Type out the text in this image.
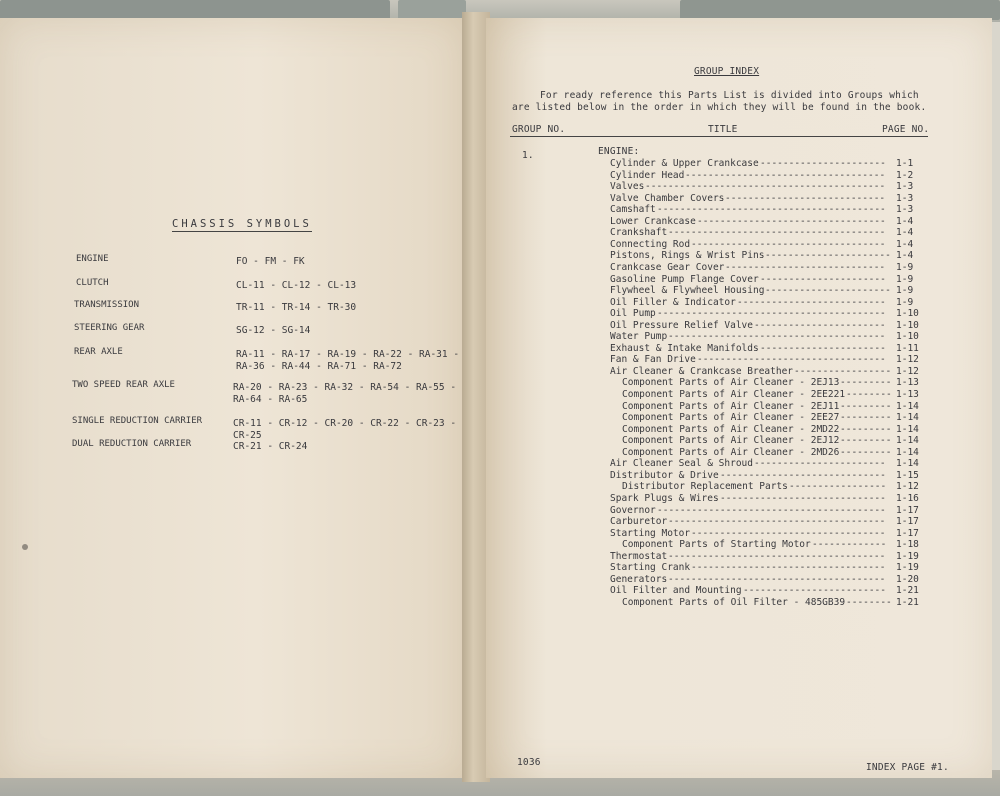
CHASSIS SYMBOLS
ENGINE	FO - FM - FK
CLUTCH	CL-11 - CL-12 - CL-13
TRANSMISSION	TR-11 - TR-14 - TR-30
STEERING GEAR	SG-12 - SG-14
REAR AXLE	RA-11 - RA-17 - RA-19 - RA-22 - RA-31 -
RA-36 - RA-44 - RA-71 - RA-72
TWO SPEED REAR AXLE	RA-20 - RA-23 - RA-32 - RA-54 - RA-55 -
RA-64 - RA-65
SINGLE REDUCTION CARRIER	CR-11 - CR-12 - CR-20 - CR-22 - CR-23 -
CR-25
DUAL REDUCTION CARRIER	CR-21 - CR-24
GROUP INDEX
For ready reference this Parts List is divided into Groups which
are listed below in the order in which they will be found in the book.
GROUP NO.	TITLE	PAGE NO.
1.	ENGINE:
Cylinder & Upper Crankcase ---------------------- 1-1
Cylinder Head ----------------------------------- 1-2
Valves ------------------------------------------ 1-3
Valve Chamber Covers ---------------------------- 1-3
Camshaft ---------------------------------------- 1-3
Lower Crankcase --------------------------------- 1-4
Crankshaft -------------------------------------- 1-4
Connecting Rod ---------------------------------- 1-4
Pistons, Rings & Wrist Pins ---------------------- 1-4
Crankcase Gear Cover ---------------------------- 1-9
Gasoline Pump Flange Cover ---------------------- 1-9
Flywheel & Flywheel Housing ---------------------- 1-9
Oil Filler & Indicator -------------------------- 1-9
Oil Pump ---------------------------------------- 1-10
Oil Pressure Relief Valve ----------------------- 1-10
Water Pump -------------------------------------- 1-10
Exhaust & Intake Manifolds ---------------------- 1-11
Fan & Fan Drive --------------------------------- 1-12
Air Cleaner & Crankcase Breather ----------------- 1-12
Component Parts of Air Cleaner - 2EJ13 --------- 1-13
Component Parts of Air Cleaner - 2EE221 -------- 1-13
Component Parts of Air Cleaner - 2EJ11 --------- 1-14
Component Parts of Air Cleaner - 2EE27 --------- 1-14
Component Parts of Air Cleaner - 2MD22 --------- 1-14
Component Parts of Air Cleaner - 2EJ12 --------- 1-14
Component Parts of Air Cleaner - 2MD26 --------- 1-14
Air Cleaner Seal & Shroud ----------------------- 1-14
Distributor & Drive ----------------------------- 1-15
Distributor Replacement Parts ----------------- 1-12
Spark Plugs & Wires ----------------------------- 1-16
Governor ---------------------------------------- 1-17
Carburetor -------------------------------------- 1-17
Starting Motor ---------------------------------- 1-17
Component Parts of Starting Motor ------------- 1-18
Thermostat -------------------------------------- 1-19
Starting Crank ---------------------------------- 1-19
Generators -------------------------------------- 1-20
Oil Filter and Mounting ------------------------- 1-21
Component Parts of Oil Filter - 485GB39 -------- 1-21
1036	INDEX PAGE #1.
